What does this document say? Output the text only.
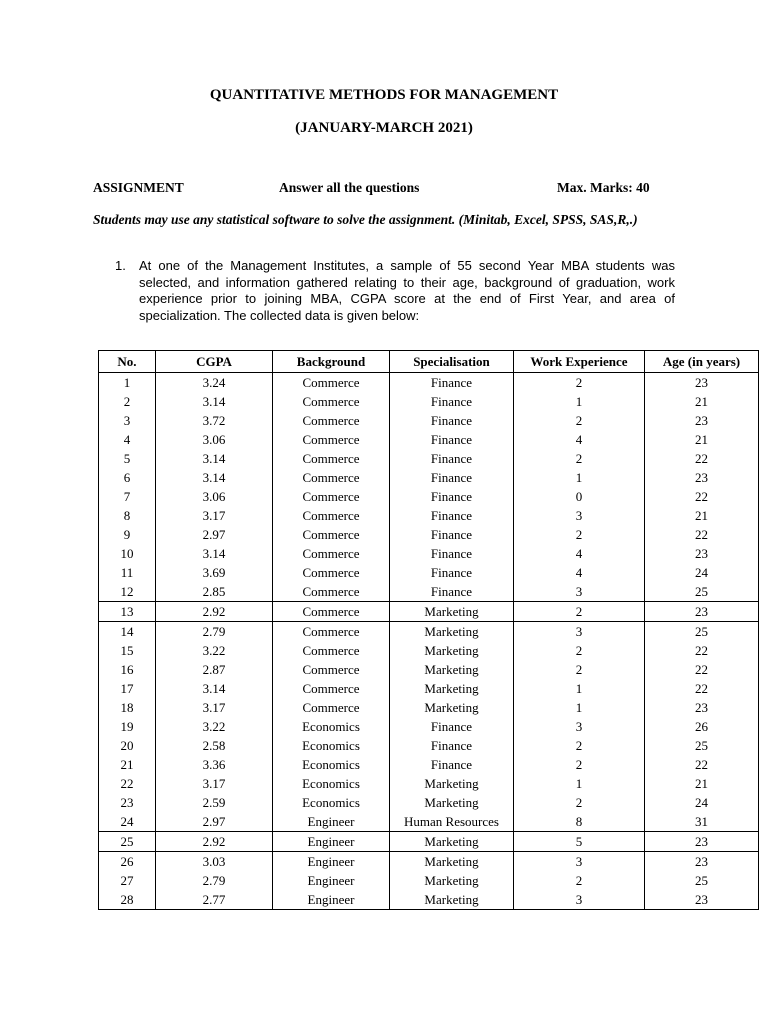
QUANTITATIVE METHODS FOR MANAGEMENT
(JANUARY-MARCH 2021)
ASSIGNMENT	Answer all the questions	Max. Marks: 40
Students may use any statistical software to solve the assignment. (Minitab, Excel, SPSS, SAS,R,.)
1.	At one of the Management Institutes, a sample of 55 second Year MBA students was selected, and information gathered relating to their age, background of graduation, work experience prior to joining MBA, CGPA score at the end of First Year, and area of specialization. The collected data is given below:
No.	CGPA	Background	Specialisation	Work Experience	Age (in years)
1	3.24	Commerce	Finance	2	23
2	3.14	Commerce	Finance	1	21
3	3.72	Commerce	Finance	2	23
4	3.06	Commerce	Finance	4	21
5	3.14	Commerce	Finance	2	22
6	3.14	Commerce	Finance	1	23
7	3.06	Commerce	Finance	0	22
8	3.17	Commerce	Finance	3	21
9	2.97	Commerce	Finance	2	22
10	3.14	Commerce	Finance	4	23
11	3.69	Commerce	Finance	4	24
12	2.85	Commerce	Finance	3	25
13	2.92	Commerce	Marketing	2	23
14	2.79	Commerce	Marketing	3	25
15	3.22	Commerce	Marketing	2	22
16	2.87	Commerce	Marketing	2	22
17	3.14	Commerce	Marketing	1	22
18	3.17	Commerce	Marketing	1	23
19	3.22	Economics	Finance	3	26
20	2.58	Economics	Finance	2	25
21	3.36	Economics	Finance	2	22
22	3.17	Economics	Marketing	1	21
23	2.59	Economics	Marketing	2	24
24	2.97	Engineer	Human Resources	8	31
25	2.92	Engineer	Marketing	5	23
26	3.03	Engineer	Marketing	3	23
27	2.79	Engineer	Marketing	2	25
28	2.77	Engineer	Marketing	3	23
